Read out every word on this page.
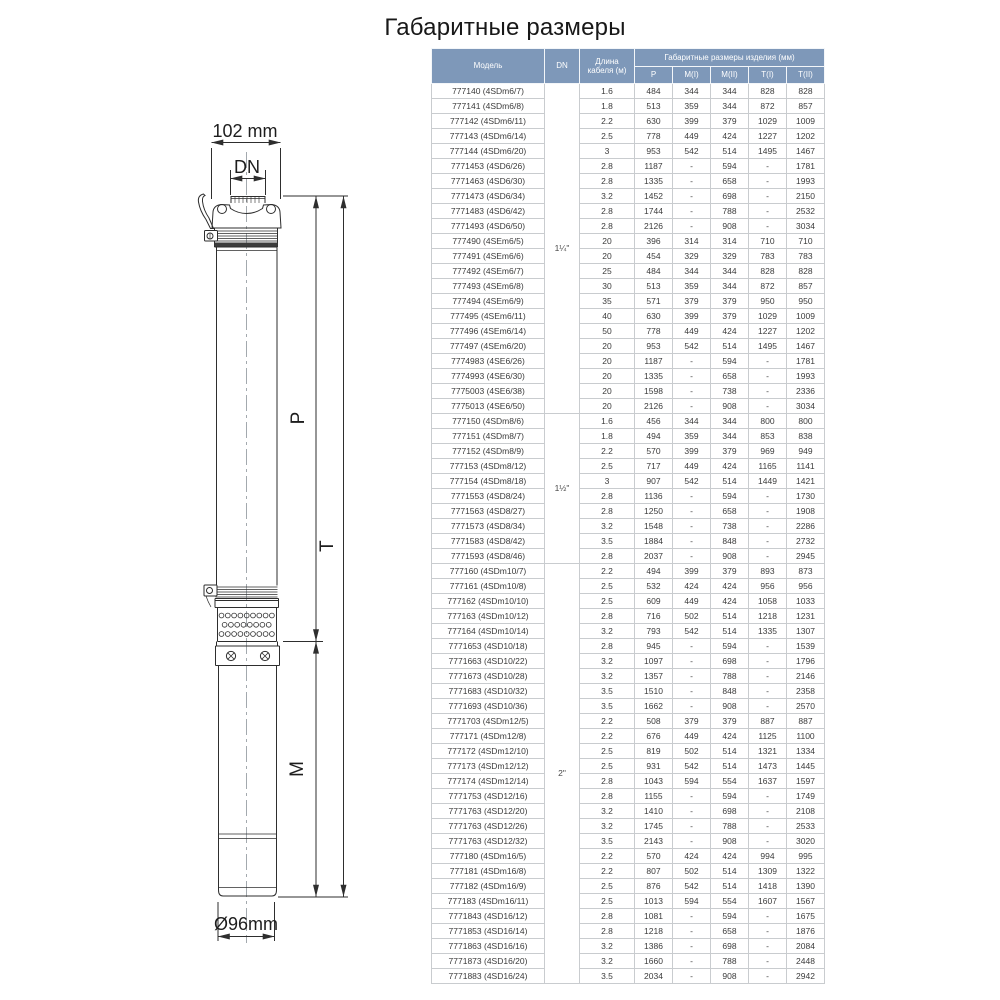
Габаритные размеры
102 mm
DN
P
T
M
Ø96mm
Модель	DN	Длина
кабеля (м)	Габаритные размеры изделия (мм)				
			P	M(I)	M(II)	T(I)	T(II)
777140 (4SDm6/7)	1¼"	1.6	484	344	344	828	828
777141 (4SDm6/8)		1.8	513	359	344	872	857
777142 (4SDm6/11)		2.2	630	399	379	1029	1009
777143 (4SDm6/14)		2.5	778	449	424	1227	1202
777144 (4SDm6/20)		3	953	542	514	1495	1467
7771453 (4SD6/26)		2.8	1187	-	594	-	1781
7771463 (4SD6/30)		2.8	1335	-	658	-	1993
7771473 (4SD6/34)		3.2	1452	-	698	-	2150
7771483 (4SD6/42)		2.8	1744	-	788	-	2532
7771493 (4SD6/50)		2.8	2126	-	908	-	3034
777490 (4SEm6/5)		20	396	314	314	710	710
777491 (4SEm6/6)		20	454	329	329	783	783
777492 (4SEm6/7)		25	484	344	344	828	828
777493 (4SEm6/8)		30	513	359	344	872	857
777494 (4SEm6/9)		35	571	379	379	950	950
777495 (4SEm6/11)		40	630	399	379	1029	1009
777496 (4SEm6/14)		50	778	449	424	1227	1202
777497 (4SEm6/20)		20	953	542	514	1495	1467
7774983 (4SE6/26)		20	1187	-	594	-	1781
7774993 (4SE6/30)		20	1335	-	658	-	1993
7775003 (4SE6/38)		20	1598	-	738	-	2336
7775013 (4SE6/50)		20	2126	-	908	-	3034
777150 (4SDm8/6)	1½"	1.6	456	344	344	800	800
777151 (4SDm8/7)		1.8	494	359	344	853	838
777152 (4SDm8/9)		2.2	570	399	379	969	949
777153 (4SDm8/12)		2.5	717	449	424	1165	1141
777154 (4SDm8/18)		3	907	542	514	1449	1421
7771553 (4SD8/24)		2.8	1136	-	594	-	1730
7771563 (4SD8/27)		2.8	1250	-	658	-	1908
7771573 (4SD8/34)		3.2	1548	-	738	-	2286
7771583 (4SD8/42)		3.5	1884	-	848	-	2732
7771593 (4SD8/46)		2.8	2037	-	908	-	2945
777160 (4SDm10/7)	2"	2.2	494	399	379	893	873
777161 (4SDm10/8)		2.5	532	424	424	956	956
777162 (4SDm10/10)		2.5	609	449	424	1058	1033
777163 (4SDm10/12)		2.8	716	502	514	1218	1231
777164 (4SDm10/14)		3.2	793	542	514	1335	1307
7771653 (4SD10/18)		2.8	945	-	594	-	1539
7771663 (4SD10/22)		3.2	1097	-	698	-	1796
7771673 (4SD10/28)		3.2	1357	-	788	-	2146
7771683 (4SD10/32)		3.5	1510	-	848	-	2358
7771693 (4SD10/36)		3.5	1662	-	908	-	2570
7771703 (4SDm12/5)		2.2	508	379	379	887	887
777171 (4SDm12/8)		2.2	676	449	424	1125	1100
777172 (4SDm12/10)		2.5	819	502	514	1321	1334
777173 (4SDm12/12)		2.5	931	542	514	1473	1445
777174 (4SDm12/14)		2.8	1043	594	554	1637	1597
7771753 (4SD12/16)		2.8	1155	-	594	-	1749
7771763 (4SD12/20)		3.2	1410	-	698	-	2108
7771763 (4SD12/26)		3.2	1745	-	788	-	2533
7771763 (4SD12/32)		3.5	2143	-	908	-	3020
777180 (4SDm16/5)		2.2	570	424	424	994	995
777181 (4SDm16/8)		2.2	807	502	514	1309	1322
777182 (4SDm16/9)		2.5	876	542	514	1418	1390
777183 (4SDm16/11)		2.5	1013	594	554	1607	1567
7771843 (4SD16/12)		2.8	1081	-	594	-	1675
7771853 (4SD16/14)		2.8	1218	-	658	-	1876
7771863 (4SD16/16)		3.2	1386	-	698	-	2084
7771873 (4SD16/20)		3.2	1660	-	788	-	2448
7771883 (4SD16/24)		3.5	2034	-	908	-	2942
